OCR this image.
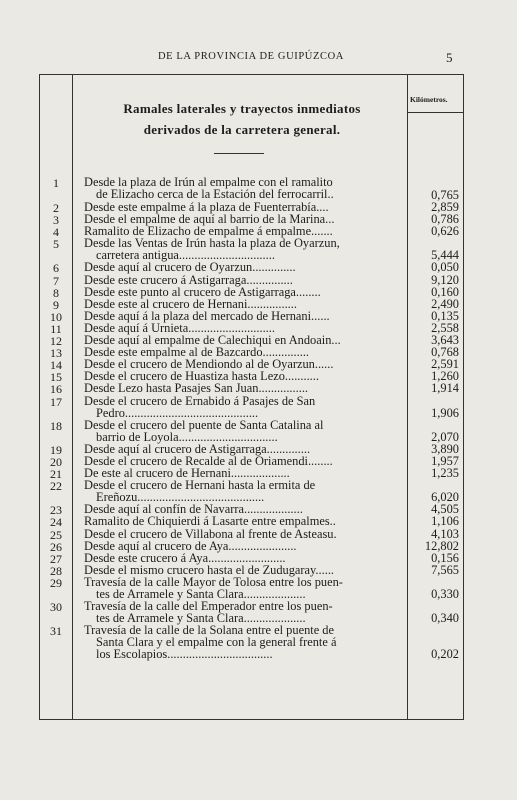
DE LA PROVINCIA DE GUIPÚZCOA	5
Kilómetros.
Ramales laterales y trayectos inmediatos
derivados de la carretera general.
1	Desde la plaza de Irún al empalme con el ramalito
de Elizacho cerca de la Estación del ferrocarril..	0,765
2	Desde este empalme á la plaza de Fuenterrabía....	2,859
3	Desde el empalme de aquí al barrio de la Marina...	0,786
4	Ramalito de Elizacho de empalme á empalme.......	0,626
5	Desde las Ventas de Irún hasta la plaza de Oyarzun,
carretera antigua...............................	5,444
6	Desde aquí al crucero de Oyarzun..............	0,050
7	Desde este crucero á Astigarraga...............	9,120
8	Desde este punto al crucero de Astigarraga........	0,160
9	Desde este al crucero de Hernani................	2,490
10	Desde aquí á la plaza del mercado de Hernani......	0,135
11	Desde aquí á Urnieta............................	2,558
12	Desde aquí al empalme de Calechiqui en Andoain...	3,643
13	Desde este empalme al de Bazcardo...............	0,768
14	Desde el crucero de Mendiondo al de Oyarzun......	2,591
15	Desde el crucero de Huastiza hasta Lezo...........	1,260
16	Desde Lezo hasta Pasajes San Juan................	1,914
17	Desde el crucero de Ernabido á Pasajes de San
Pedro...........................................	1,906
18	Desde el crucero del puente de Santa Catalina al
barrio de Loyola................................	2,070
19	Desde aquí al crucero de Astigarraga..............	3,890
20	Desde el crucero de Recalde al de Oriamendi........	1,957
21	De este al crucero de Hernani...................	1,235
22	Desde el crucero de Hernani hasta la ermita de
Ereñozu.........................................	6,020
23	Desde aquí al confín de Navarra...................	4,505
24	Ramalito de Chiquierdi á Lasarte entre empalmes..	1,106
25	Desde el crucero de Villabona al frente de Asteasu.	4,103
26	Desde aquí al crucero de Aya......................	12,802
27	Desde este crucero á Aya.........................	0,156
28	Desde el mismo crucero hasta el de Zudugaray......	7,565
29	Travesía de la calle Mayor de Tolosa entre los puen-
tes de Arramele y Santa Clara....................	0,330
30	Travesía de la calle del Emperador entre los puen-
tes de Arramele y Santa Clara....................	0,340
31	Travesía de la calle de la Solana entre el puente de
Santa Clara y el empalme con la general frente á
los Escolapios..................................	0,202
